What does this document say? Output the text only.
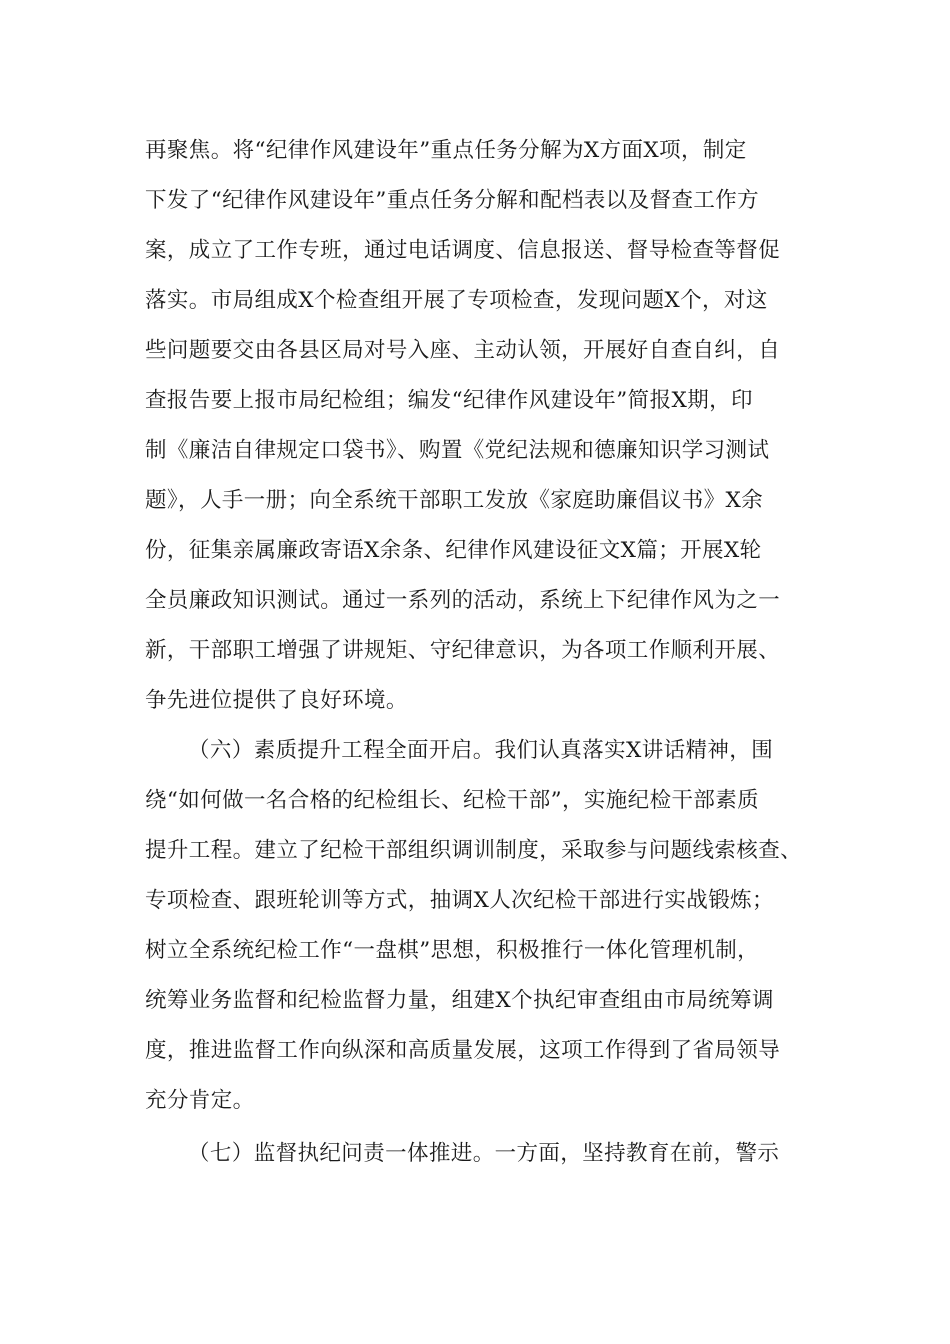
再聚焦。将“纪律作风建设年”重点任务分解为X方面X项，制定
下发了“纪律作风建设年”重点任务分解和配档表以及督查工作方
案，成立了工作专班，通过电话调度、信息报送、督导检查等督促
落实。市局组成X个检查组开展了专项检查，发现问题X个，对这
些问题要交由各县区局对号入座、主动认领，开展好自查自纠，自
查报告要上报市局纪检组；编发“纪律作风建设年”简报X期，印
制《廉洁自律规定口袋书》、购置《党纪法规和德廉知识学习测试
题》，人手一册；向全系统干部职工发放《家庭助廉倡议书》X余
份，征集亲属廉政寄语X余条、纪律作风建设征文X篇；开展X轮
全员廉政知识测试。通过一系列的活动，系统上下纪律作风为之一
新，干部职工增强了讲规矩、守纪律意识，为各项工作顺利开展、
争先进位提供了良好环境。
（六）素质提升工程全面开启。我们认真落实X讲话精神，围
绕“如何做一名合格的纪检组长、纪检干部”，实施纪检干部素质
提升工程。建立了纪检干部组织调训制度，采取参与问题线索核查、
专项检查、跟班轮训等方式，抽调X人次纪检干部进行实战锻炼；
树立全系统纪检工作“一盘棋”思想，积极推行一体化管理机制，
统筹业务监督和纪检监督力量，组建X个执纪审查组由市局统筹调
度，推进监督工作向纵深和高质量发展，这项工作得到了省局领导
充分肯定。
（七）监督执纪问责一体推进。一方面，坚持教育在前，警示
